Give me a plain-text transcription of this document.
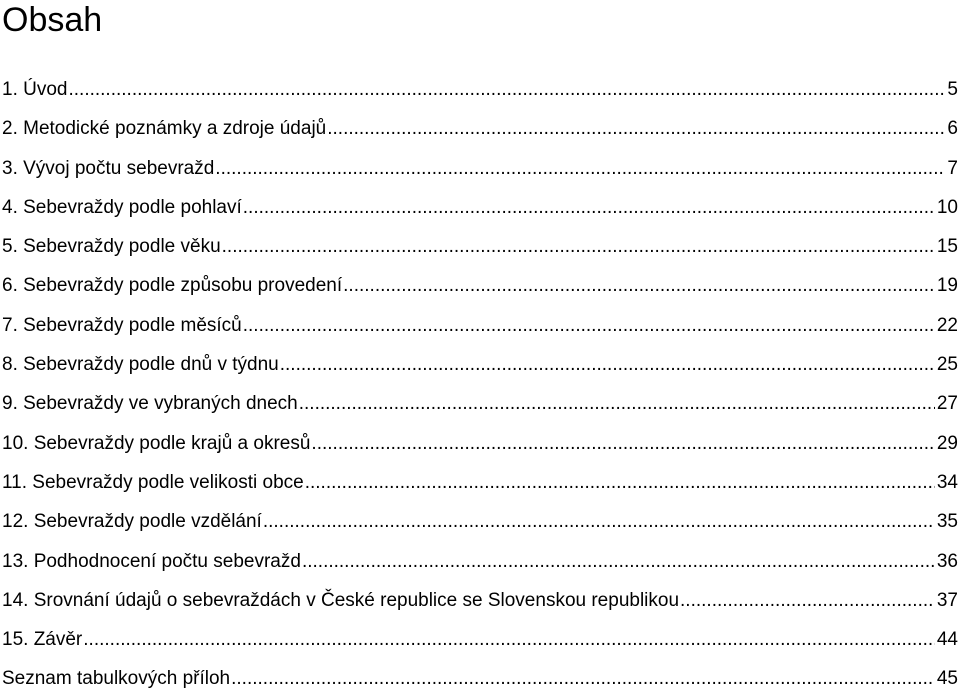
Obsah
1. Úvod .....	5
2. Metodické poznámky a zdroje údajů .....	6
3. Vývoj počtu sebevražd .....	7
4. Sebevraždy podle pohlaví .....	10
5. Sebevraždy podle věku .....	15
6. Sebevraždy podle způsobu provedení .....	19
7. Sebevraždy podle měsíců .....	22
8. Sebevraždy podle dnů v týdnu .....	25
9. Sebevraždy ve vybraných dnech .....	27
10. Sebevraždy podle krajů a okresů .....	29
11. Sebevraždy podle velikosti obce .....	34
12. Sebevraždy podle vzdělání .....	35
13. Podhodnocení počtu sebevražd .....	36
14. Srovnání údajů o sebevraždách v České republice se Slovenskou republikou .....	37
15. Závěr .....	44
Seznam tabulkových příloh .....	45
